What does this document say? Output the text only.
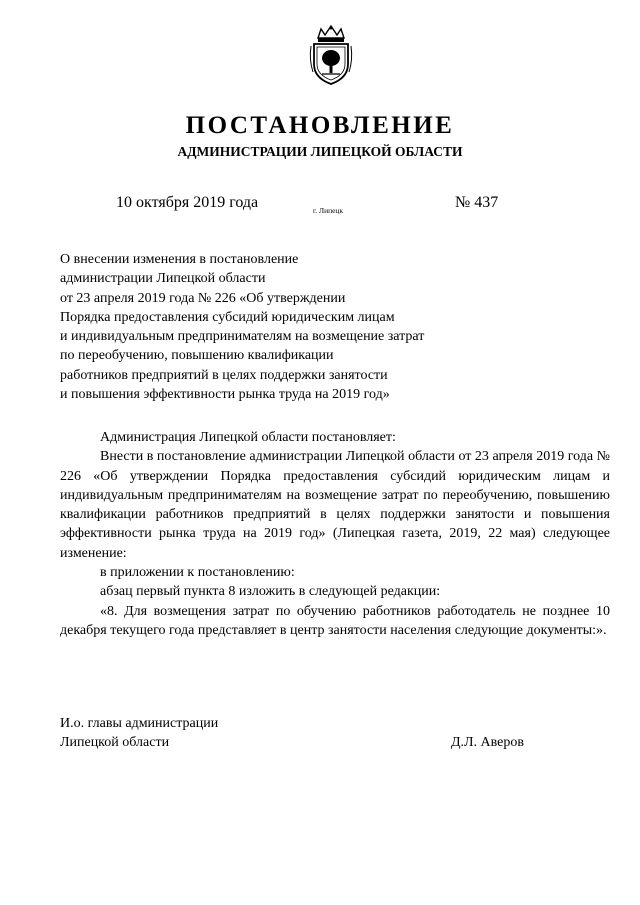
ПОСТАНОВЛЕНИЕ
АДМИНИСТРАЦИИ ЛИПЕЦКОЙ ОБЛАСТИ
10 октября 2019 года	г. Липецк	№ 437
О внесении изменения в постановление
администрации Липецкой области
от 23 апреля 2019 года № 226 «Об утверждении
Порядка предоставления субсидий юридическим лицам
и индивидуальным предпринимателям на возмещение затрат
по переобучению, повышению квалификации
работников предприятий в целях поддержки занятости
и повышения эффективности рынка труда на 2019 год»

Администрация Липецкой области постановляет:

Внести в постановление администрации Липецкой области от 23 апреля 2019 года № 226 «Об утверждении Порядка предоставления субсидий юридическим лицам и индивидуальным предпринимателям на возмещение затрат по переобучению, повышению квалификации работников предприятий в целях поддержки занятости и повышения эффективности рынка труда на 2019 год» (Липецкая газета, 2019, 22 мая) следующее изменение:

в приложении к постановлению:

абзац первый пункта 8 изложить в следующей редакции:

«8. Для возмещения затрат по обучению работников работодатель не позднее 10 декабря текущего года представляет в центр занятости населения следующие документы:».

И.о. главы администрации
Липецкой области	Д.Л. Аверов
